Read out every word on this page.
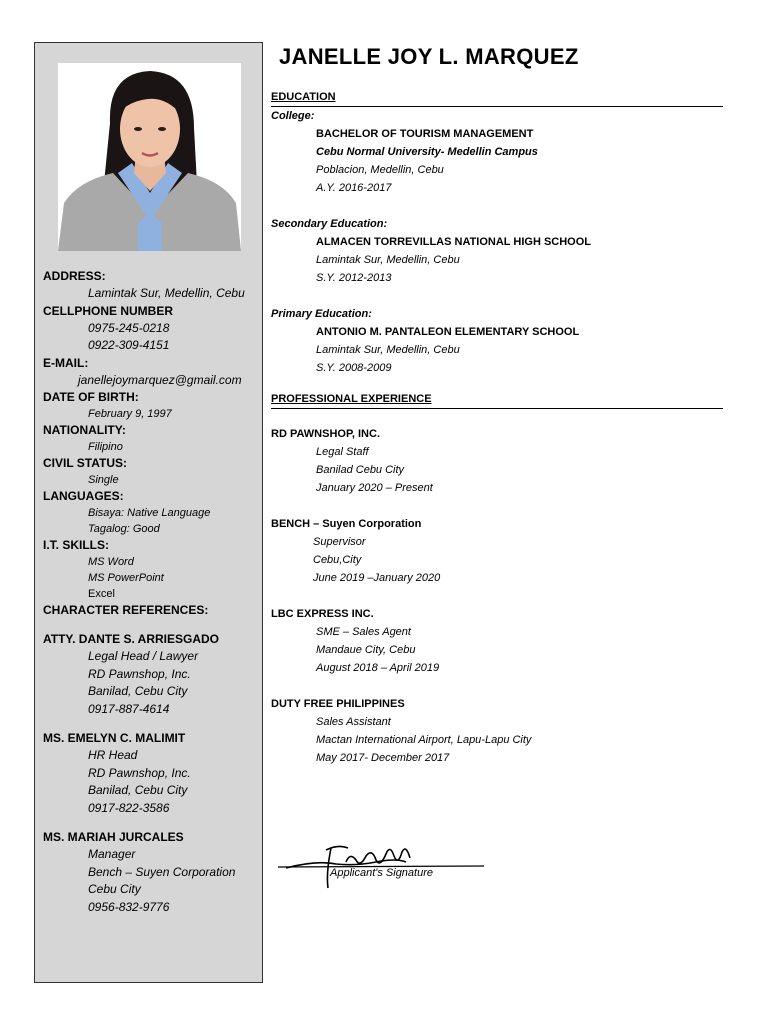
ADDRESS:

Lamintak Sur, Medellin, Cebu

CELLPHONE NUMBER

0975-245-0218

0922-309-4151

E-MAIL:

janellejoymarquez@gmail.com

DATE OF BIRTH:

February 9, 1997

NATIONALITY:

Filipino

CIVIL STATUS:

Single

LANGUAGES:

Bisaya: Native Language

Tagalog: Good

I.T. SKILLS:

MS Word

MS PowerPoint

Excel

CHARACTER REFERENCES:

ATTY. DANTE S. ARRIESGADO

Legal Head / Lawyer

RD Pawnshop, Inc.

Banilad, Cebu City

0917-887-4614

MS. EMELYN C. MALIMIT

HR Head

RD Pawnshop, Inc.

Banilad, Cebu City

0917-822-3586

MS. MARIAH JURCALES

Manager

Bench – Suyen Corporation

Cebu City

0956-832-9776

JANELLE JOY L. MARQUEZ

EDUCATION

College:

BACHELOR OF TOURISM MANAGEMENT

Cebu Normal University- Medellin Campus

Poblacion, Medellin, Cebu

A.Y. 2016-2017

Secondary Education:

ALMACEN TORREVILLAS NATIONAL HIGH SCHOOL

Lamintak Sur, Medellin, Cebu

S.Y. 2012-2013

Primary Education:

ANTONIO M. PANTALEON ELEMENTARY SCHOOL

Lamintak Sur, Medellin, Cebu

S.Y. 2008-2009

PROFESSIONAL EXPERIENCE

RD PAWNSHOP, INC.

Legal Staff

Banilad Cebu City

January 2020 – Present

BENCH – Suyen Corporation

Supervisor

Cebu,City

June 2019 –January 2020

LBC EXPRESS INC.

SME – Sales Agent

Mandaue City, Cebu

August 2018 – April 2019

DUTY FREE PHILIPPINES

Sales Assistant

Mactan International Airport, Lapu-Lapu City

May 2017- December 2017

Applicant's Signature
